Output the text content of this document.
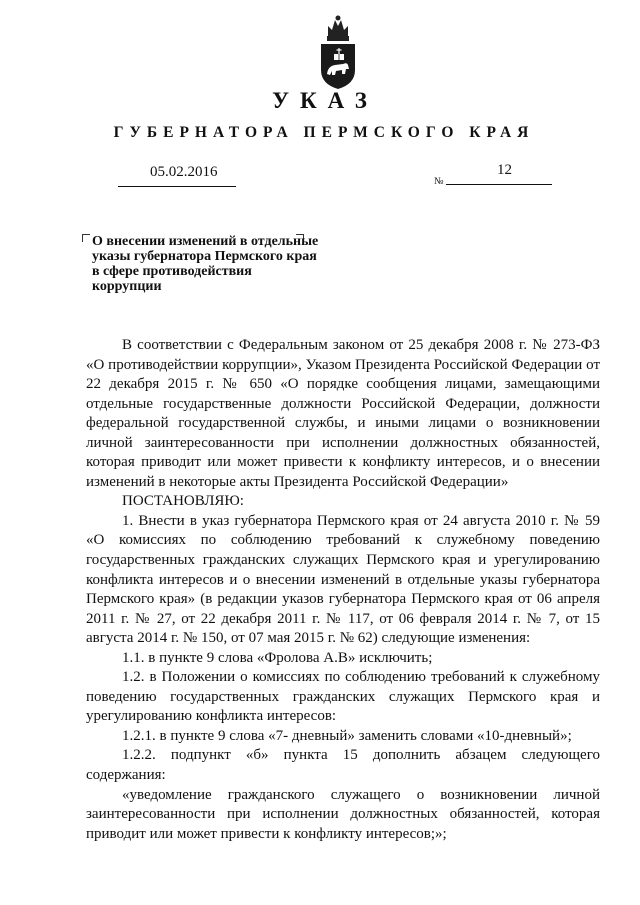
УКАЗ
ГУБЕРНАТОРА ПЕРМСКОГО КРАЯ
05.02.2016
№
12
О внесении изменений в отдельные указы губернатора Пермского края в сфере противодействия коррупции

В соответствии с Федеральным законом от 25 декабря 2008 г. № 273-ФЗ «О противодействии коррупции», Указом Президента Российской Федерации от 22 декабря 2015 г. № 650 «О порядке сообщения лицами, замещающими отдельные государственные должности Российской Федерации, должности федеральной государственной службы, и иными лицами о возникновении личной заинтересованности при исполнении должностных обязанностей, которая приводит или может привести к конфликту интересов, и о внесении изменений в некоторые акты Президента Российской Федерации»

ПОСТАНОВЛЯЮ:

1. Внести в указ губернатора Пермского края от 24 августа 2010 г. № 59 «О комиссиях по соблюдению требований к служебному поведению государственных гражданских служащих Пермского края и урегулированию конфликта интересов и о внесении изменений в отдельные указы губернатора Пермского края» (в редакции указов губернатора Пермского края от 06 апреля 2011 г. № 27, от 22 декабря 2011 г. № 117, от 06 февраля 2014 г. № 7, от 15 августа 2014 г. № 150, от 07 мая 2015 г. № 62) следующие изменения:

1.1. в пункте 9 слова «Фролова А.В» исключить;

1.2. в Положении о комиссиях по соблюдению требований к служебному поведению государственных гражданских служащих Пермского края и урегулированию конфликта интересов:

1.2.1. в пункте 9 слова «7- дневный» заменить словами «10-дневный»;

1.2.2. подпункт «б» пункта 15 дополнить абзацем следующего содержания:

«уведомление гражданского служащего о возникновении личной заинтересованности при исполнении должностных обязанностей, которая приводит или может привести к конфликту интересов;»;
